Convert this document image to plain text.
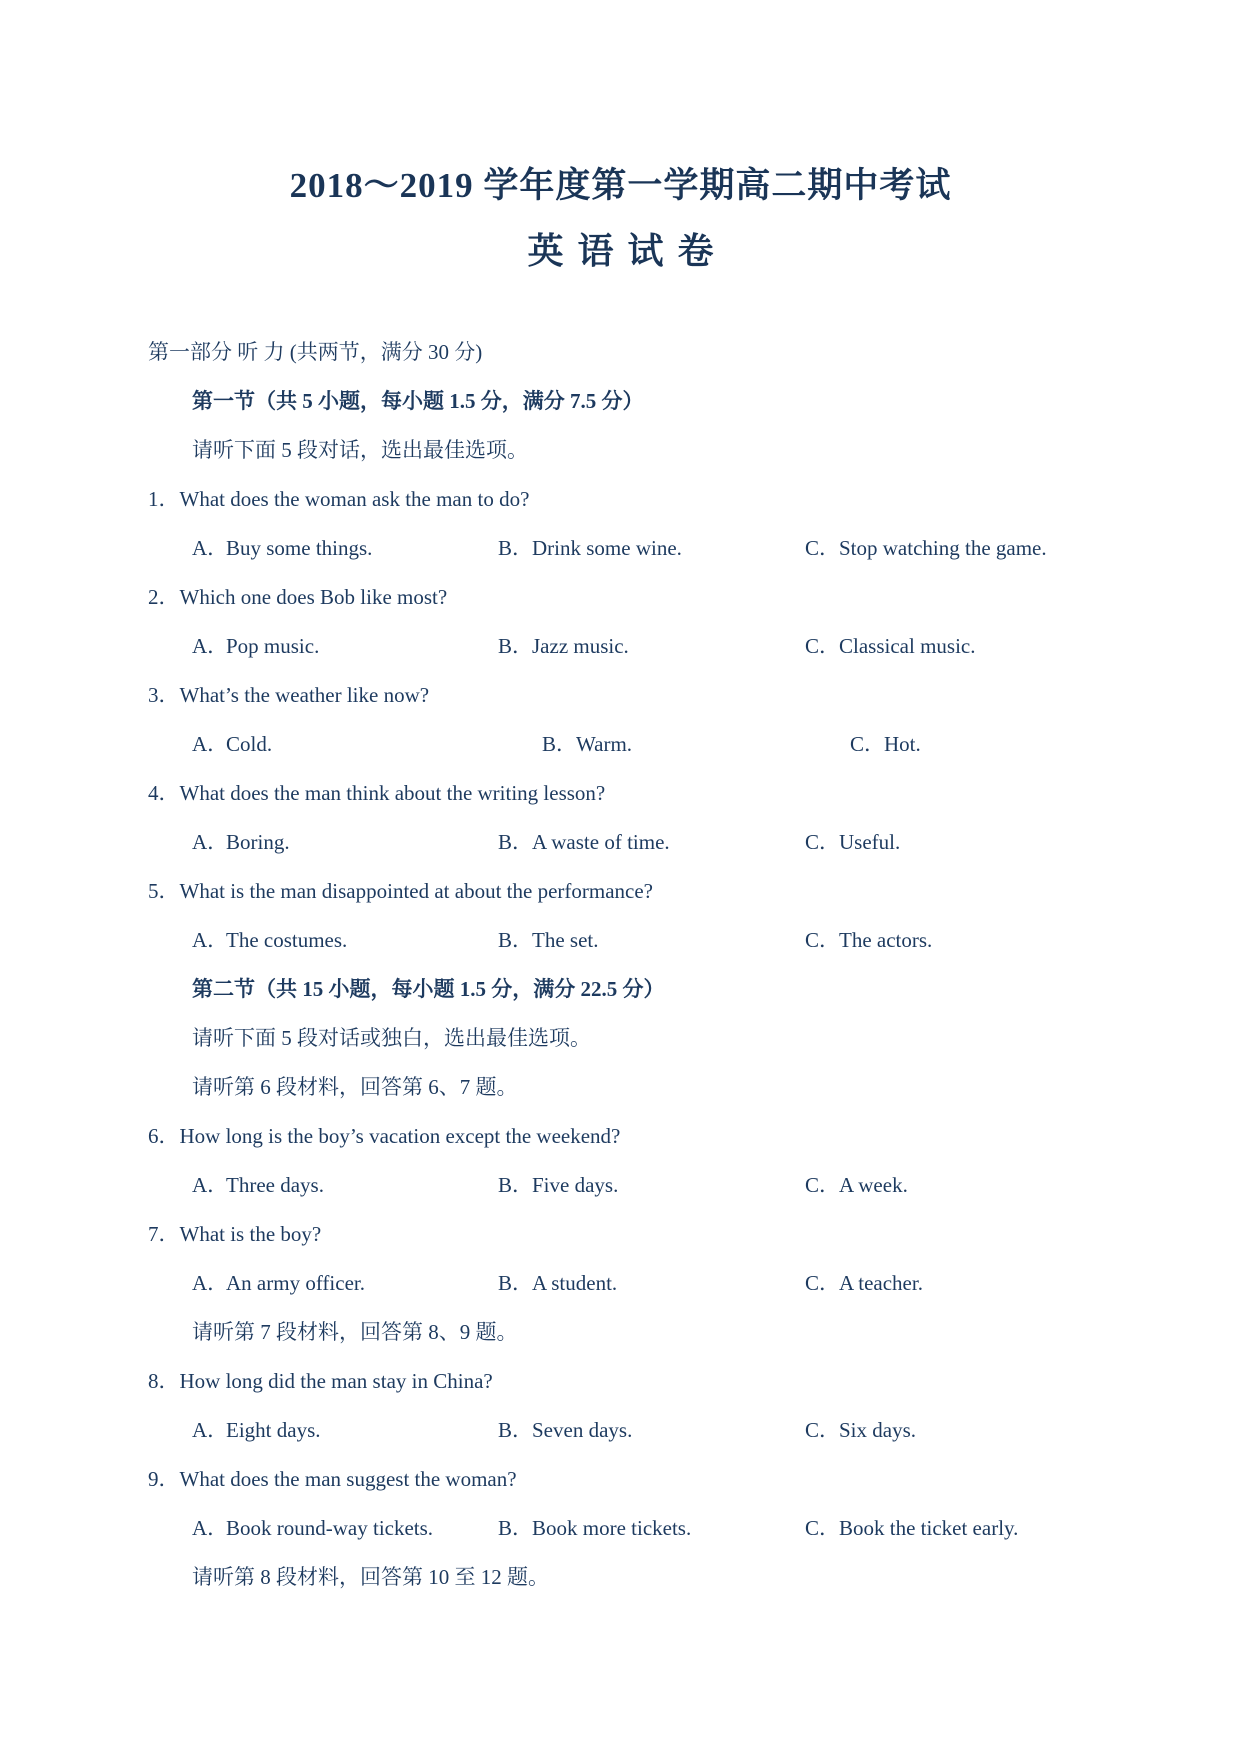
2018～2019 学年度第一学期高二期中考试
英语试卷
第一部分 听 力 (共两节，满分 30 分)
第一节（共 5 小题，每小题 1.5 分，满分 7.5 分）
请听下面 5 段对话，选出最佳选项。
1．What does the woman ask the man to do?
A．Buy some things.	B．Drink some wine.	C．Stop watching the game.
2．Which one does Bob like most?
A．Pop music.	B．Jazz music.	C．Classical music.
3．What’s the weather like now?
A．Cold.	B．Warm.	C．Hot.
4．What does the man think about the writing lesson?
A．Boring.	B．A waste of time.	C．Useful.
5．What is the man disappointed at about the performance?
A．The costumes.	B．The set.	C．The actors.
第二节（共 15 小题，每小题 1.5 分，满分 22.5 分）
请听下面 5 段对话或独白，选出最佳选项。
请听第 6 段材料，回答第 6、7 题。
6．How long is the boy’s vacation except the weekend?
A．Three days.	B．Five days.	C．A week.
7．What is the boy?
A．An army officer.	B．A student.	C．A teacher.
请听第 7 段材料，回答第 8、9 题。
8．How long did the man stay in China?
A．Eight days.	B．Seven days.	C．Six days.
9．What does the man suggest the woman?
A．Book round-way tickets.	B．Book more tickets.	C．Book the ticket early.
请听第 8 段材料，回答第 10 至 12 题。
